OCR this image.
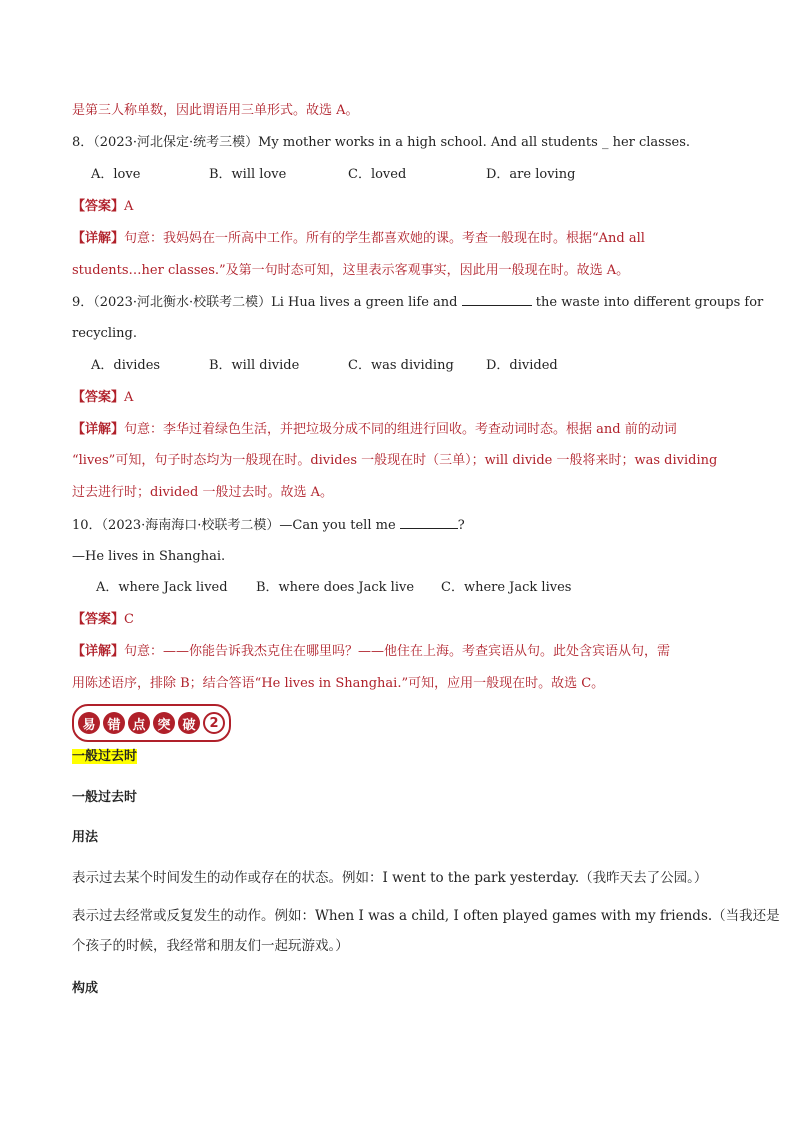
是第三人称单数，因此谓语用三单形式。故选 A。
8．（2023·河北保定·统考三模）My mother works in a high school. And all students _ her classes.
A．love	B．will love	C．loved	D．are loving
【答案】A
【详解】句意：我妈妈在一所高中工作。所有的学生都喜欢她的课。考查一般现在时。根据“And all
students…her classes.”及第一句时态可知，这里表示客观事实，因此用一般现在时。故选 A。
9．（2023·河北衡水·校联考二模）Li Hua lives a green life and	the waste into different groups for
recycling.
A．divides	B．will divide	C．was dividing D．divided
【答案】A
【详解】句意：李华过着绿色生活，并把垃圾分成不同的组进行回收。考查动词时态。根据 and 前的动词
“lives”可知，句子时态均为一般现在时。divides 一般现在时（三单）；will divide 一般将来时；was dividing
过去进行时；divided 一般过去时。故选 A。
10．（2023·海南海口·校联考二模）—Can you tell me	?
—He lives in Shanghai.
A．where Jack lived B．where does Jack live C．where Jack lives
【答案】C
【详解】句意：——你能告诉我杰克住在哪里吗？——他住在上海。考查宾语从句。此处含宾语从句，需
用陈述语序，排除 B；结合答语“He lives in Shanghai.”可知，应用一般现在时。故选 C。
易 错 点 突 破	2
一般过去时
一般过去时
用法
表示过去某个时间发生的动作或存在的状态。例如：I went to the park yesterday.（我昨天去了公园。）
表示过去经常或反复发生的动作。例如：When I was a child, I often played games with my friends.（当我还是
个孩子的时候，我经常和朋友们一起玩游戏。）
构成
